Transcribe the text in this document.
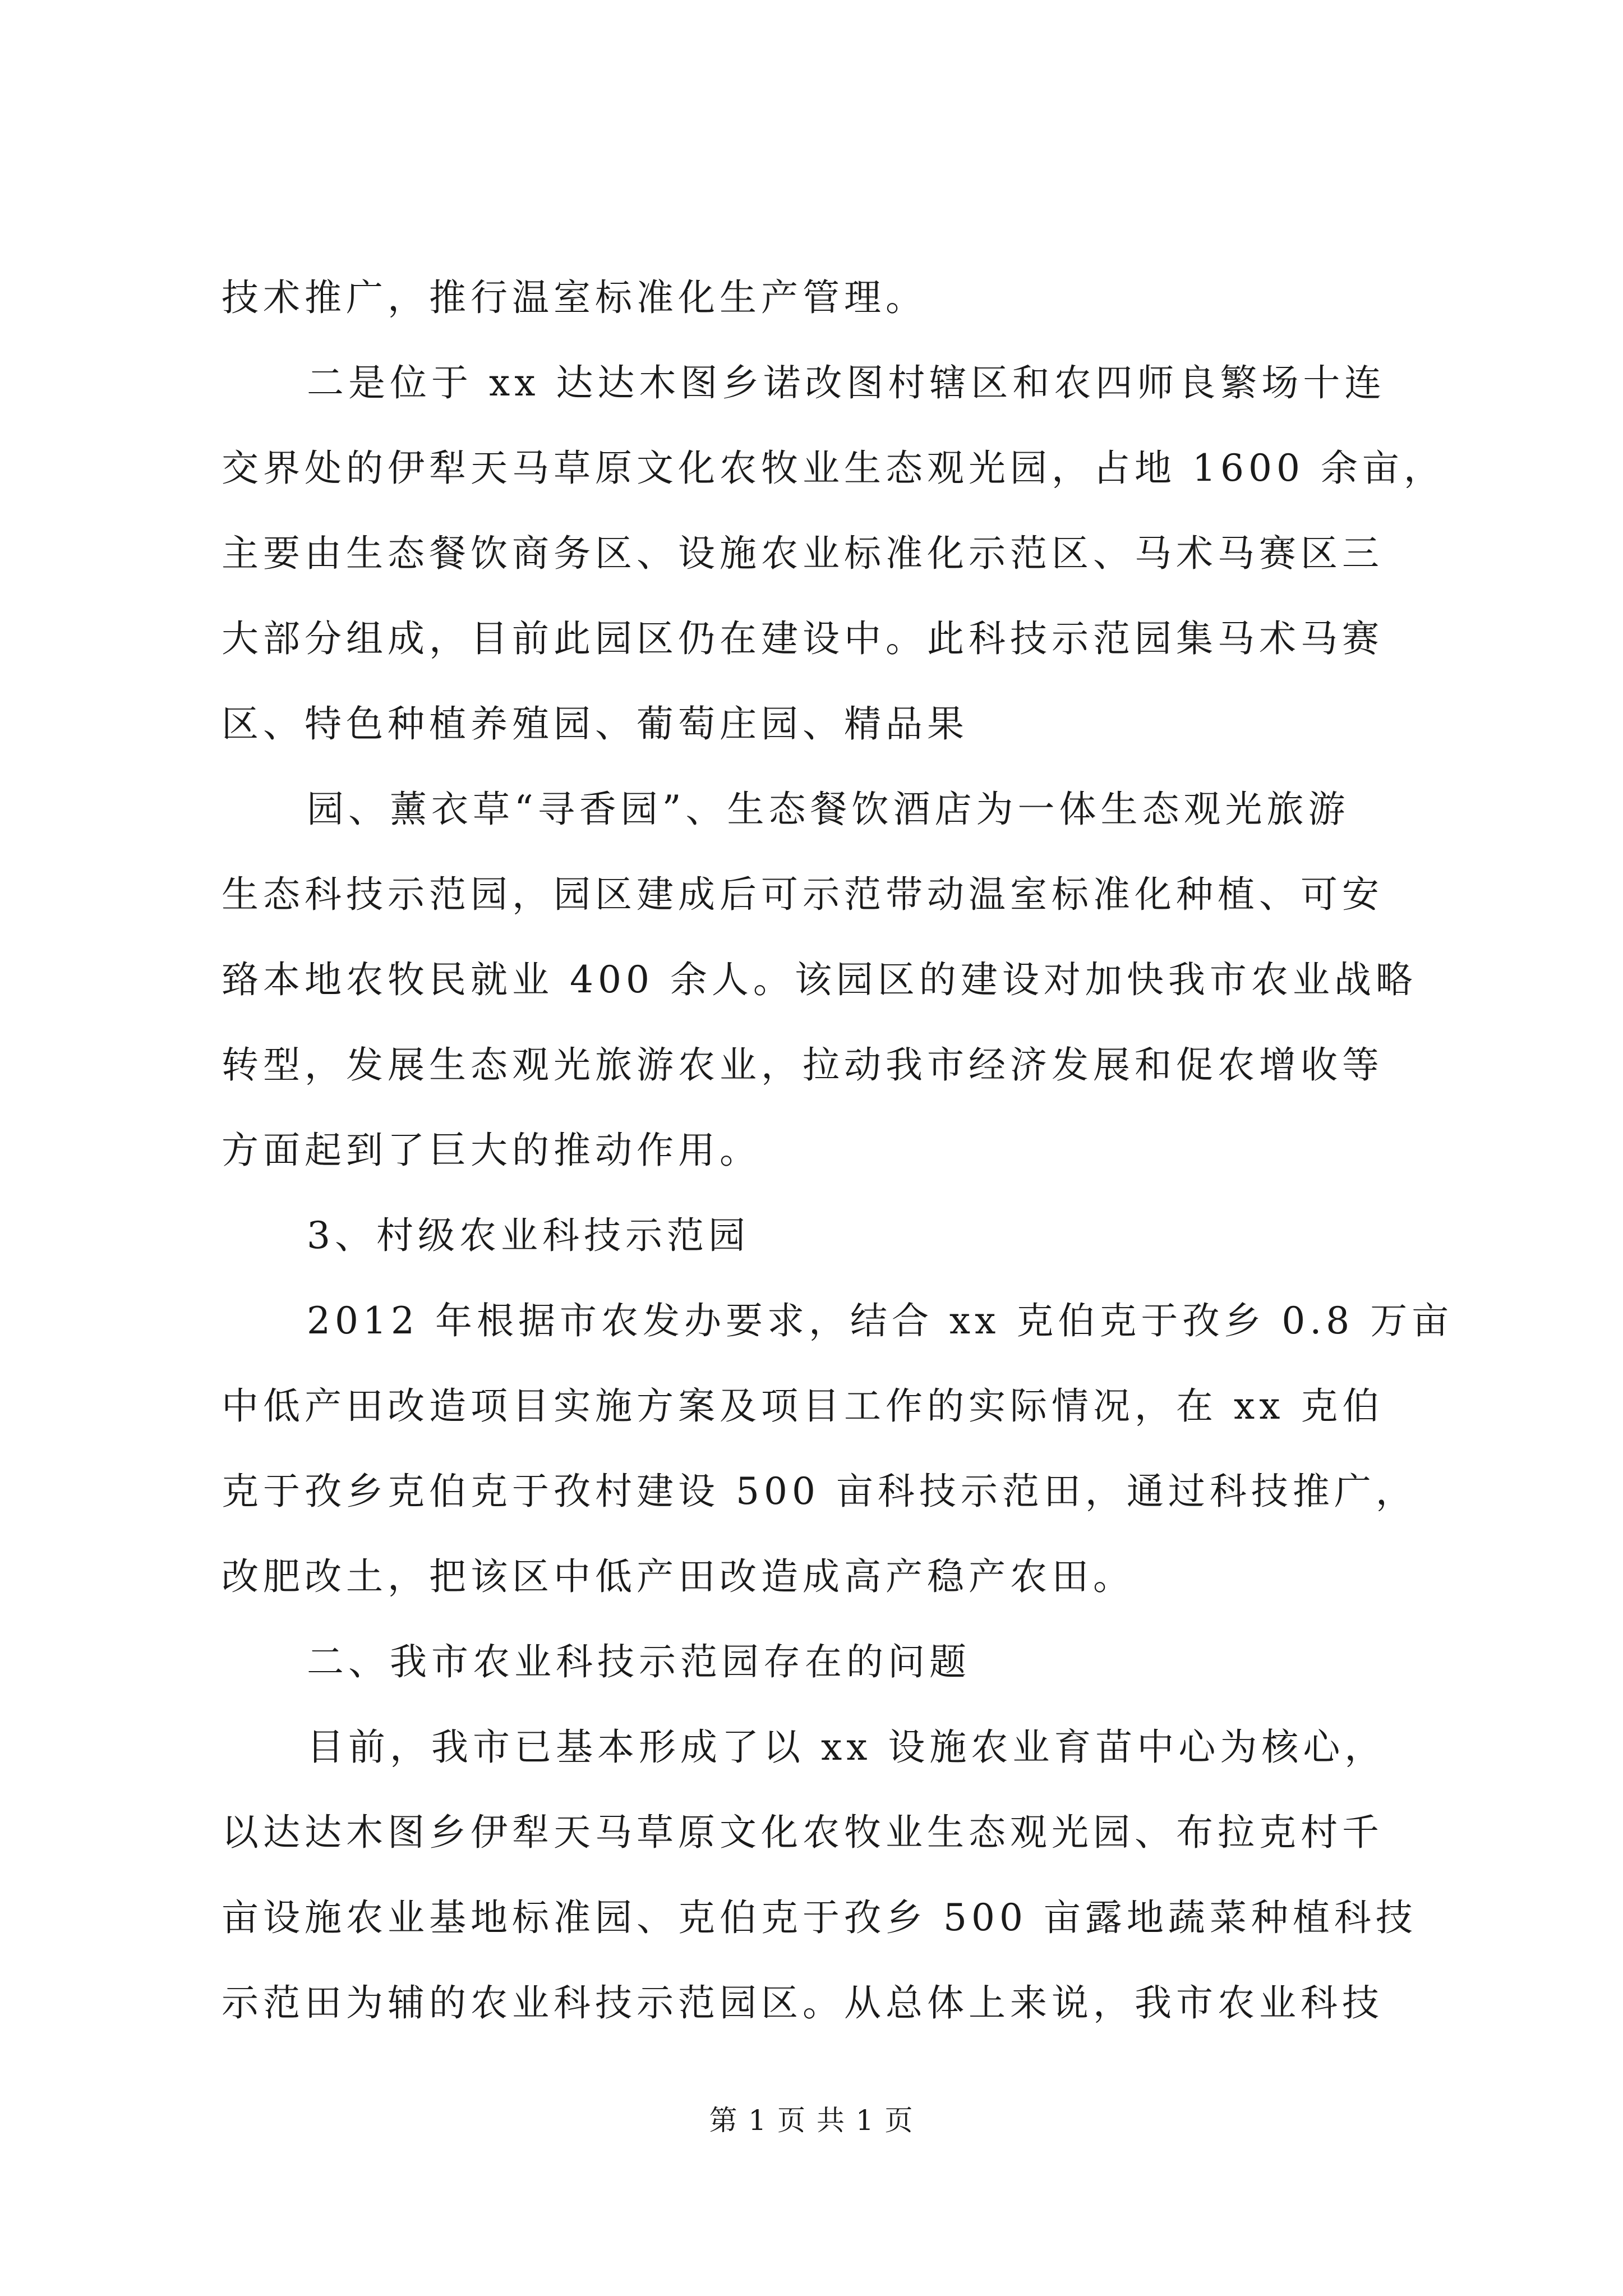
技术推广，推行温室标准化生产管理。
二是位于 xx 达达木图乡诺改图村辖区和农四师良繁场十连
交界处的伊犁天马草原文化农牧业生态观光园，占地 1600 余亩，
主要由生态餐饮商务区、设施农业标准化示范区、马术马赛区三
大部分组成，目前此园区仍在建设中。此科技示范园集马术马赛
区、特色种植养殖园、葡萄庄园、精品果
园、薰衣草“寻香园”、生态餐饮酒店为一体生态观光旅游
生态科技示范园，园区建成后可示范带动温室标准化种植、可安
臵本地农牧民就业 400 余人。该园区的建设对加快我市农业战略
转型，发展生态观光旅游农业，拉动我市经济发展和促农增收等
方面起到了巨大的推动作用。
3、村级农业科技示范园
2012 年根据市农发办要求，结合 xx 克伯克于孜乡 0.8 万亩
中低产田改造项目实施方案及项目工作的实际情况，在 xx 克伯
克于孜乡克伯克于孜村建设 500 亩科技示范田，通过科技推广，
改肥改土，把该区中低产田改造成高产稳产农田。
二、我市农业科技示范园存在的问题
目前，我市已基本形成了以 xx 设施农业育苗中心为核心，
以达达木图乡伊犁天马草原文化农牧业生态观光园、布拉克村千
亩设施农业基地标准园、克伯克于孜乡 500 亩露地蔬菜种植科技
示范田为辅的农业科技示范园区。从总体上来说，我市农业科技
第 1 页 共 1 页
